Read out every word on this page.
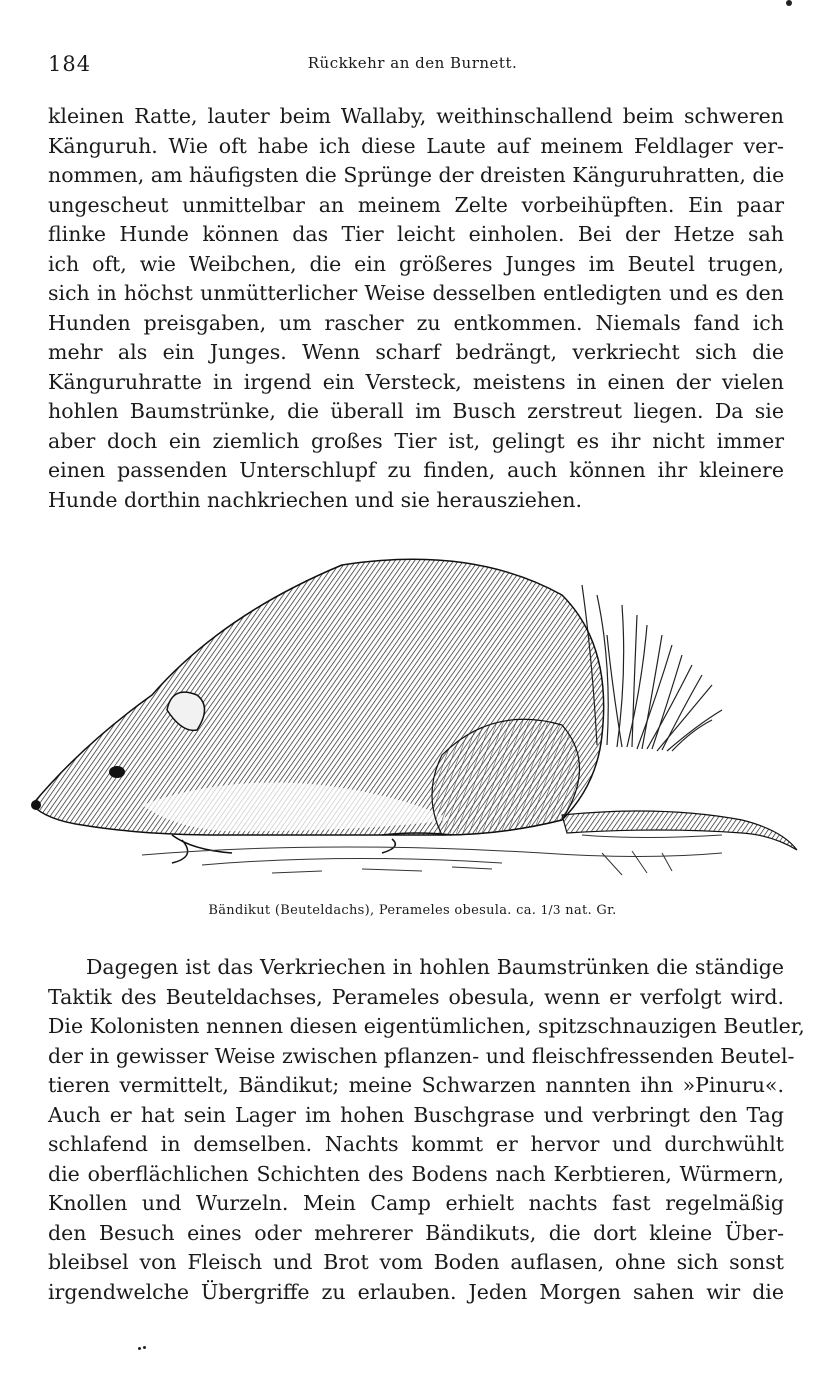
184	Rückkehr an den Burnett.
kleinen Ratte, lauter beim Wallaby, weithinschallend beim schweren
Känguruh. Wie oft habe ich diese Laute auf meinem Feldlager ver-
nommen, am häufigsten die Sprünge der dreisten Känguruhratten, die
ungescheut unmittelbar an meinem Zelte vorbeihüpften. Ein paar
flinke Hunde können das Tier leicht einholen. Bei der Hetze sah
ich oft, wie Weibchen, die ein größeres Junges im Beutel trugen,
sich in höchst unmütterlicher Weise desselben entledigten und es den
Hunden preisgaben, um rascher zu entkommen. Niemals fand ich
mehr als ein Junges. Wenn scharf bedrängt, verkriecht sich die
Känguruhratte in irgend ein Versteck, meistens in einen der vielen
hohlen Baumstrünke, die überall im Busch zerstreut liegen. Da sie
aber doch ein ziemlich großes Tier ist, gelingt es ihr nicht immer
einen passenden Unterschlupf zu finden, auch können ihr kleinere
Hunde dorthin nachkriechen und sie herausziehen.
Bändikut (Beuteldachs), Perameles obesula. ca. 1/3 nat. Gr.
Dagegen ist das Verkriechen in hohlen Baumstrünken die ständige
Taktik des Beuteldachses, Perameles obesula, wenn er verfolgt wird.
Die Kolonisten nennen diesen eigentümlichen, spitzschnauzigen Beutler,
der in gewisser Weise zwischen pflanzen- und fleischfressenden Beutel-
tieren vermittelt, Bändikut; meine Schwarzen nannten ihn »Pinuru«.
Auch er hat sein Lager im hohen Buschgrase und verbringt den Tag
schlafend in demselben. Nachts kommt er hervor und durchwühlt
die oberflächlichen Schichten des Bodens nach Kerbtieren, Würmern,
Knollen und Wurzeln. Mein Camp erhielt nachts fast regelmäßig
den Besuch eines oder mehrerer Bändikuts, die dort kleine Über-
bleibsel von Fleisch und Brot vom Boden auflasen, ohne sich sonst
irgendwelche Übergriffe zu erlauben. Jeden Morgen sahen wir die
